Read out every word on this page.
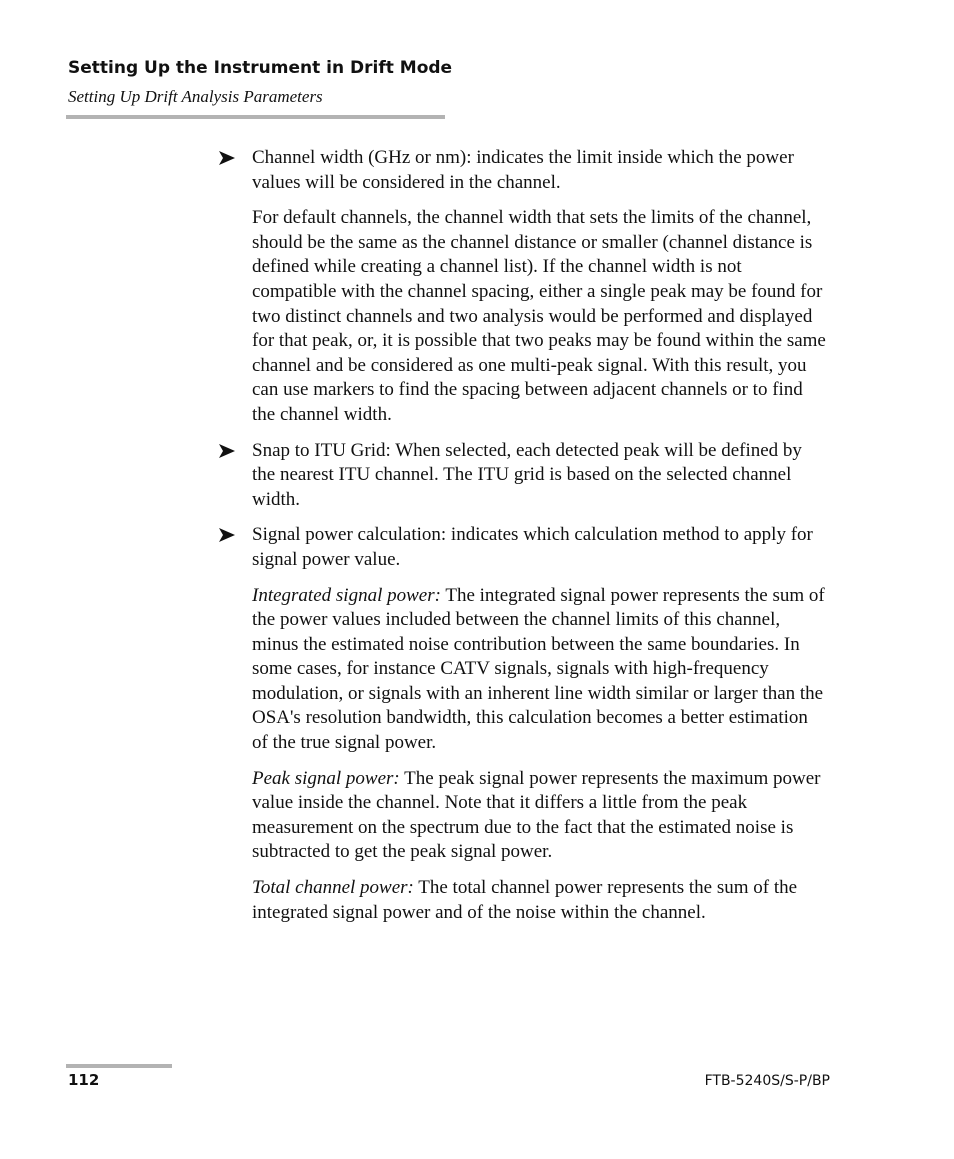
Setting Up the Instrument in Drift Mode
Setting Up Drift Analysis Parameters
Channel width (GHz or nm): indicates the limit inside which the power values will be considered in the channel.

For default channels, the channel width that sets the limits of the channel, should be the same as the channel distance or smaller (channel distance is defined while creating a channel list). If the channel width is not compatible with the channel spacing, either a single peak may be found for two distinct channels and two analysis would be performed and displayed for that peak, or, it is possible that two peaks may be found within the same channel and be considered as one multi-peak signal. With this result, you can use markers to find the spacing between adjacent channels or to find the channel width.

Snap to ITU Grid: When selected, each detected peak will be defined by the nearest ITU channel. The ITU grid is based on the selected channel width.
Signal power calculation: indicates which calculation method to apply for signal power value.

Integrated signal power: The integrated signal power represents the sum of the power values included between the channel limits of this channel, minus the estimated noise contribution between the same boundaries. In some cases, for instance CATV signals, signals with high-frequency modulation, or signals with an inherent line width similar or larger than the OSA's resolution bandwidth, this calculation becomes a better estimation of the true signal power.

Peak signal power: The peak signal power represents the maximum power value inside the channel. Note that it differs a little from the peak measurement on the spectrum due to the fact that the estimated noise is subtracted to get the peak signal power.

Total channel power: The total channel power represents the sum of the integrated signal power and of the noise within the channel.

112	FTB-5240S/S-P/BP
